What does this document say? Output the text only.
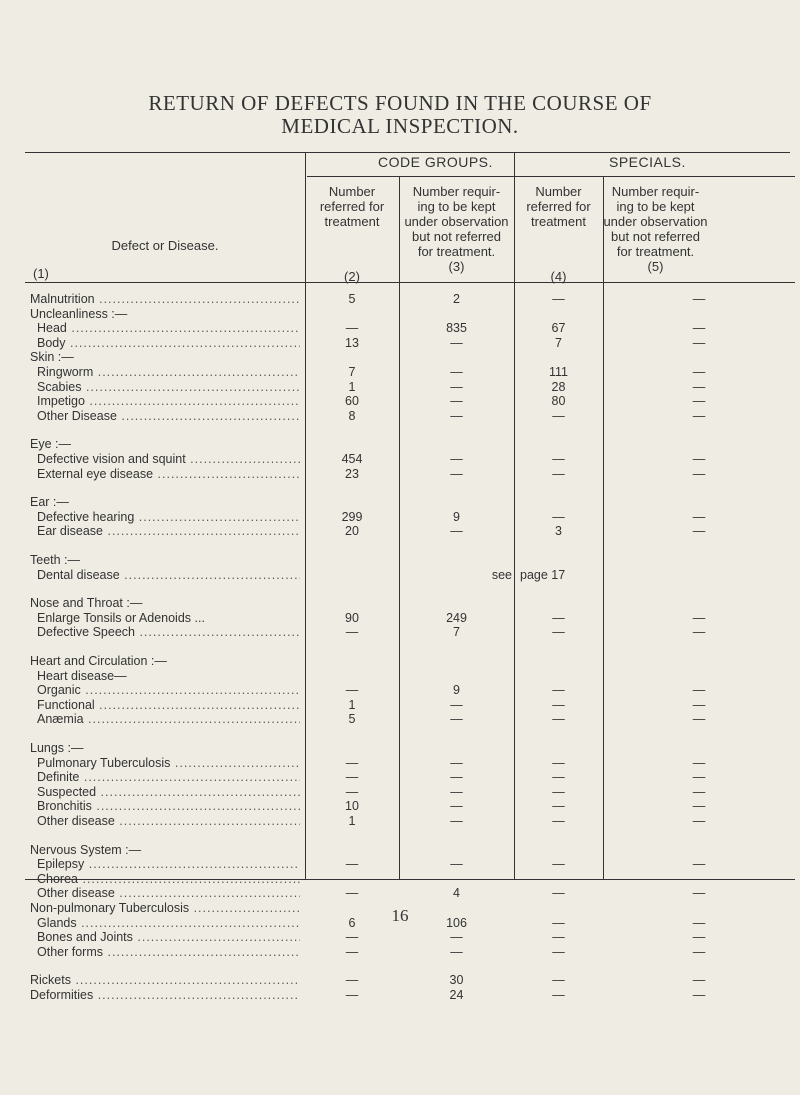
RETURN OF DEFECTS FOUND IN THE COURSE OF
MEDICAL INSPECTION.
CODE GROUPS.	SPECIALS.
Defect or Disease.
(1)
Number
referred for
treatment
(2)
Number requir-
ing to be kept
under observation
but not referred
for treatment.
(3)
Number
referred for
treatment
(4)
Number requir-
ing to be kept
under observation
but not referred
for treatment.
(5)
Malnutrition .....	5	2	—	—
Uncleanliness :—
Head .....	—	835	67	—
Body .....	13	—	7	—
Skin :—
Ringworm .....	7	—	111	—
Scabies .....	1	—	28	—
Impetigo .....	60	—	80	—
Other Disease .....	8	—	—	—
Eye :—
Defective vision and squint .....	454	—	—	—
External eye disease .....	23	—	—	—
Ear :—
Defective hearing .....	299	9	—	—
Ear disease .....	20	—	3	—
Teeth :—
Dental disease .....	see page 17
Nose and Throat :—
Enlarge Tonsils or Adenoids ...	90	249	—	—
Defective Speech .....	—	7	—	—
Heart and Circulation :—
Heart disease—
Organic .....	—	9	—	—
Functional .....	1	—	—	—
Anæmia .....	5	—	—	—
Lungs :—
Pulmonary Tuberculosis .....	—	—	—	—
Definite .....	—	—	—	—
Suspected .....	—	—	—	—
Bronchitis .....	10	—	—	—
Other disease .....	1	—	—	—
Nervous System :—
Epilepsy .....	—	—	—	—
Chorea .....	—	—	—	—
Other disease .....	—	4	—	—
Non-pulmonary Tuberculosis .....
Glands .....	6	106	—	—
Bones and Joints .....	—	—	—	—
Other forms .....	—	—	—	—
Rickets .....	—	30	—	—
Deformities .....	—	24	—	—
16
